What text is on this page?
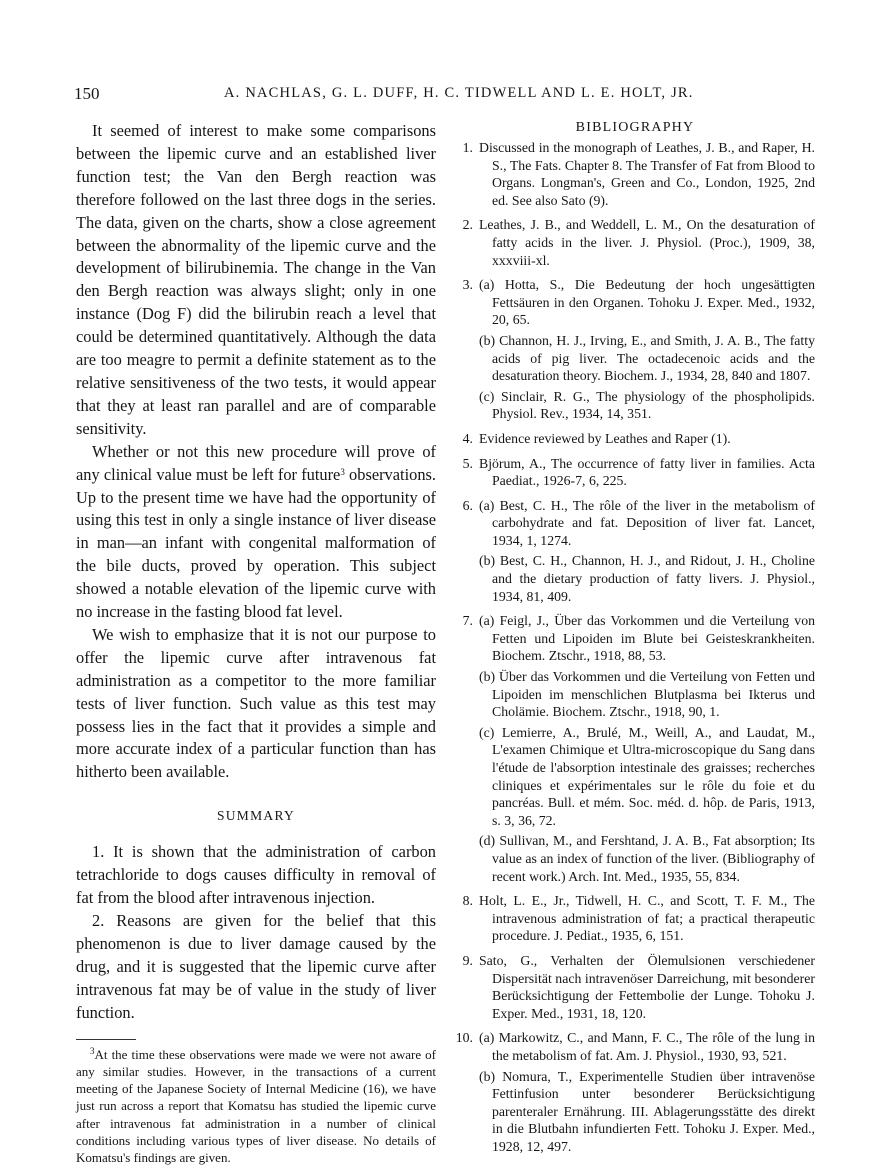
150	A. NACHLAS, G. L. DUFF, H. C. TIDWELL AND L. E. HOLT, JR.

It seemed of interest to make some comparisons between the lipemic curve and an established liver function test; the Van den Bergh reaction was therefore followed on the last three dogs in the series. The data, given on the charts, show a close agreement between the abnormality of the lipemic curve and the development of bilirubinemia. The change in the Van den Bergh reaction was always slight; only in one instance (Dog F) did the bilirubin reach a level that could be determined quantitatively. Although the data are too meagre to permit a definite statement as to the relative sensitiveness of the two tests, it would appear that they at least ran parallel and are of comparable sensitivity.

Whether or not this new procedure will prove of any clinical value must be left for future$^3$ observations. Up to the present time we have had the opportunity of using this test in only a single instance of liver disease in man—an infant with congenital malformation of the bile ducts, proved by operation. This subject showed a notable elevation of the lipemic curve with no increase in the fasting blood fat level.

We wish to emphasize that it is not our purpose to offer the lipemic curve after intravenous fat administration as a competitor to the more familiar tests of liver function. Such value as this test may possess lies in the fact that it provides a simple and more accurate index of a particular function than has hitherto been available.

SUMMARY

1. It is shown that the administration of carbon tetrachloride to dogs causes difficulty in removal of fat from the blood after intravenous injection.

2. Reasons are given for the belief that this phenomenon is due to liver damage caused by the drug, and it is suggested that the lipemic curve after intravenous fat may be of value in the study of liver function.

$^3$At the time these observations were made we were not aware of any similar studies. However, in the transactions of a current meeting of the Japanese Society of Internal Medicine (16), we have just run across a report that Komatsu has studied the lipemic curve after intravenous fat administration in a number of clinical conditions including various types of liver disease. No details of Komatsu's findings are given.

BIBLIOGRAPHY
1. Discussed in the monograph of Leathes, J. B., and Raper, H. S., The Fats. Chapter 8. The Transfer of Fat from Blood to Organs. Longman's, Green and Co., London, 1925, 2nd ed. See also Sato (9).
2. Leathes, J. B., and Weddell, L. M., On the desaturation of fatty acids in the liver. J. Physiol. (Proc.), 1909, 38, xxxviii-xl.
3. (a) Hotta, S., Die Bedeutung der hoch ungesättigten Fettsäuren in den Organen. Tohoku J. Exper. Med., 1932, 20, 65.
(b) Channon, H. J., Irving, E., and Smith, J. A. B., The fatty acids of pig liver. The octadecenoic acids and the desaturation theory. Biochem. J., 1934, 28, 840 and 1807.
(c) Sinclair, R. G., The physiology of the phospholipids. Physiol. Rev., 1934, 14, 351.
4. Evidence reviewed by Leathes and Raper (1).
5. Björum, A., The occurrence of fatty liver in families. Acta Paediat., 1926-7, 6, 225.
6. (a) Best, C. H., The rôle of the liver in the metabolism of carbohydrate and fat. Deposition of liver fat. Lancet, 1934, 1, 1274.
(b) Best, C. H., Channon, H. J., and Ridout, J. H., Choline and the dietary production of fatty livers. J. Physiol., 1934, 81, 409.
7. (a) Feigl, J., Über das Vorkommen und die Verteilung von Fetten und Lipoiden im Blute bei Geisteskrankheiten. Biochem. Ztschr., 1918, 88, 53.
(b) Über das Vorkommen und die Verteilung von Fetten und Lipoiden im menschlichen Blutplasma bei Ikterus und Cholämie. Biochem. Ztschr., 1918, 90, 1.
(c) Lemierre, A., Brulé, M., Weill, A., and Laudat, M., L'examen Chimique et Ultra-microscopique du Sang dans l'étude de l'absorption intestinale des graisses; recherches cliniques et expérimentales sur le rôle du foie et du pancréas. Bull. et mém. Soc. méd. d. hôp. de Paris, 1913, s. 3, 36, 72.
(d) Sullivan, M., and Fershtand, J. A. B., Fat absorption; Its value as an index of function of the liver. (Bibliography of recent work.) Arch. Int. Med., 1935, 55, 834.
8. Holt, L. E., Jr., Tidwell, H. C., and Scott, T. F. M., The intravenous administration of fat; a practical therapeutic procedure. J. Pediat., 1935, 6, 151.
9. Sato, G., Verhalten der Ölemulsionen verschiedener Dispersität nach intravenöser Darreichung, mit besonderer Berücksichtigung der Fettembolie der Lunge. Tohoku J. Exper. Med., 1931, 18, 120.
10. (a) Markowitz, C., and Mann, F. C., The rôle of the lung in the metabolism of fat. Am. J. Physiol., 1930, 93, 521.
(b) Nomura, T., Experimentelle Studien über intravenöse Fettinfusion unter besonderer Berücksichtigung parenteraler Ernährung. III. Ablagerungsstätte des direkt in die Blutbahn infundierten Fett. Tohoku J. Exper. Med., 1928, 12, 497.
